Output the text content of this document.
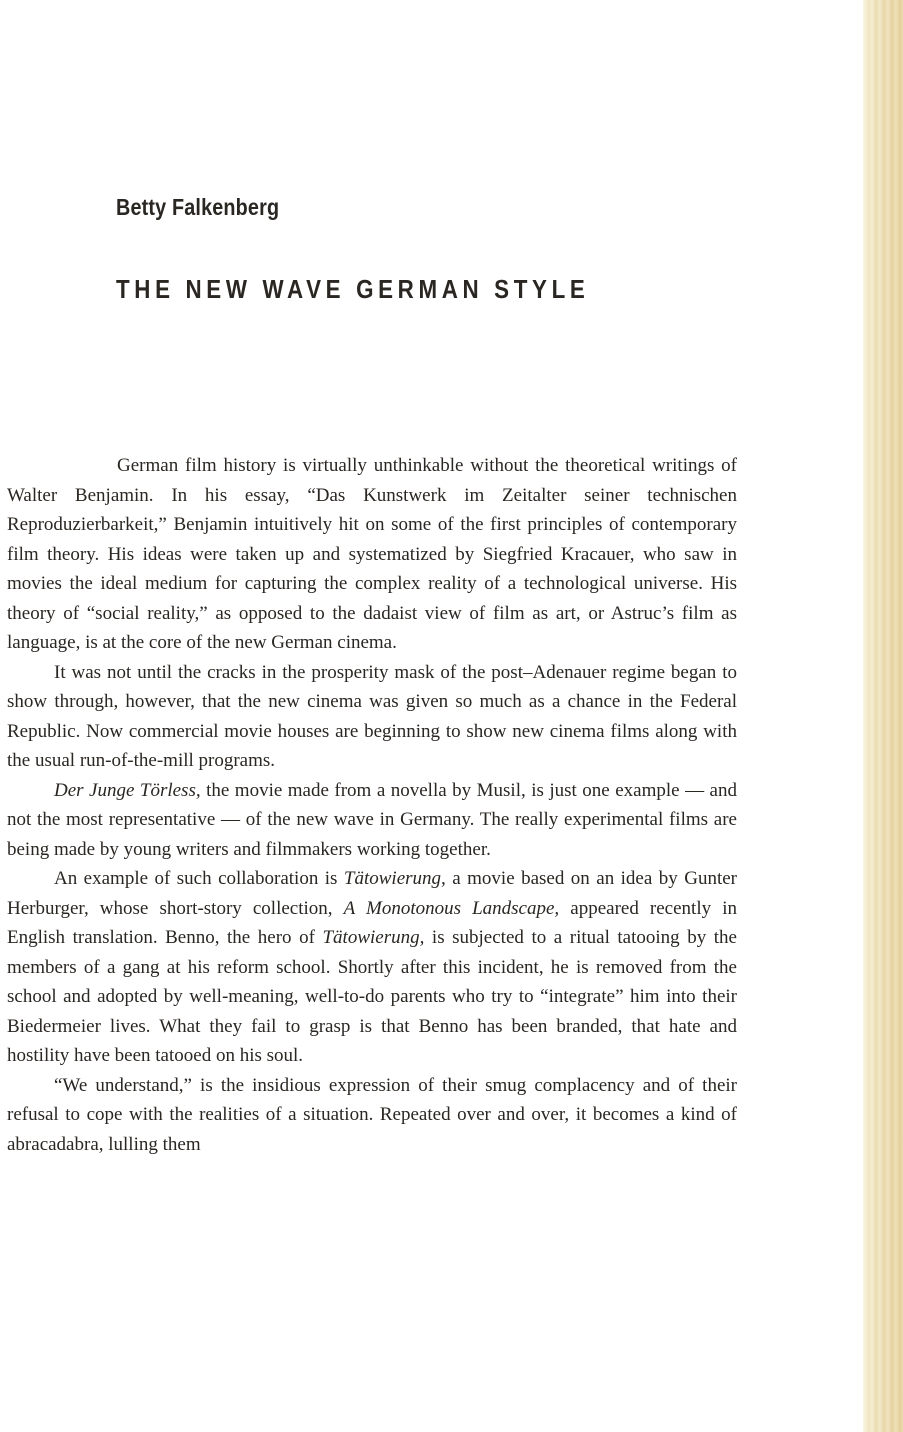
Betty Falkenberg
THE NEW WAVE GERMAN STYLE

German film history is virtually unthinkable without the theoretical writings of Walter Benjamin. In his essay, “Das Kunstwerk im Zeitalter seiner technischen Reproduzierbarkeit,” Benjamin intuitively hit on some of the first principles of contemporary film theory. His ideas were taken up and systematized by Siegfried Kracauer, who saw in movies the ideal medium for capturing the complex reality of a technological universe. His theory of “social reality,” as opposed to the dadaist view of film as art, or Astruc’s film as language, is at the core of the new German cinema.

It was not until the cracks in the prosperity mask of the post–Adenauer regime began to show through, however, that the new cinema was given so much as a chance in the Federal Republic. Now commercial movie houses are beginning to show new cinema films along with the usual run-of-the-mill programs.

Der Junge Törless, the movie made from a novella by Musil, is just one example — and not the most representative — of the new wave in Germany. The really experimental films are being made by young writers and filmmakers working together.

An example of such collaboration is Tätowierung, a movie based on an idea by Gunter Herburger, whose short-story collection, A Monotonous Landscape, appeared recently in English translation. Benno, the hero of Tätowierung, is subjected to a ritual tatooing by the members of a gang at his reform school. Shortly after this incident, he is removed from the school and adopted by well-meaning, well-to-do parents who try to “integrate” him into their Biedermeier lives. What they fail to grasp is that Benno has been branded, that hate and hostility have been tatooed on his soul.

“We understand,” is the insidious expression of their smug complacency and of their refusal to cope with the realities of a situation. Repeated over and over, it becomes a kind of abracadabra, lulling them
